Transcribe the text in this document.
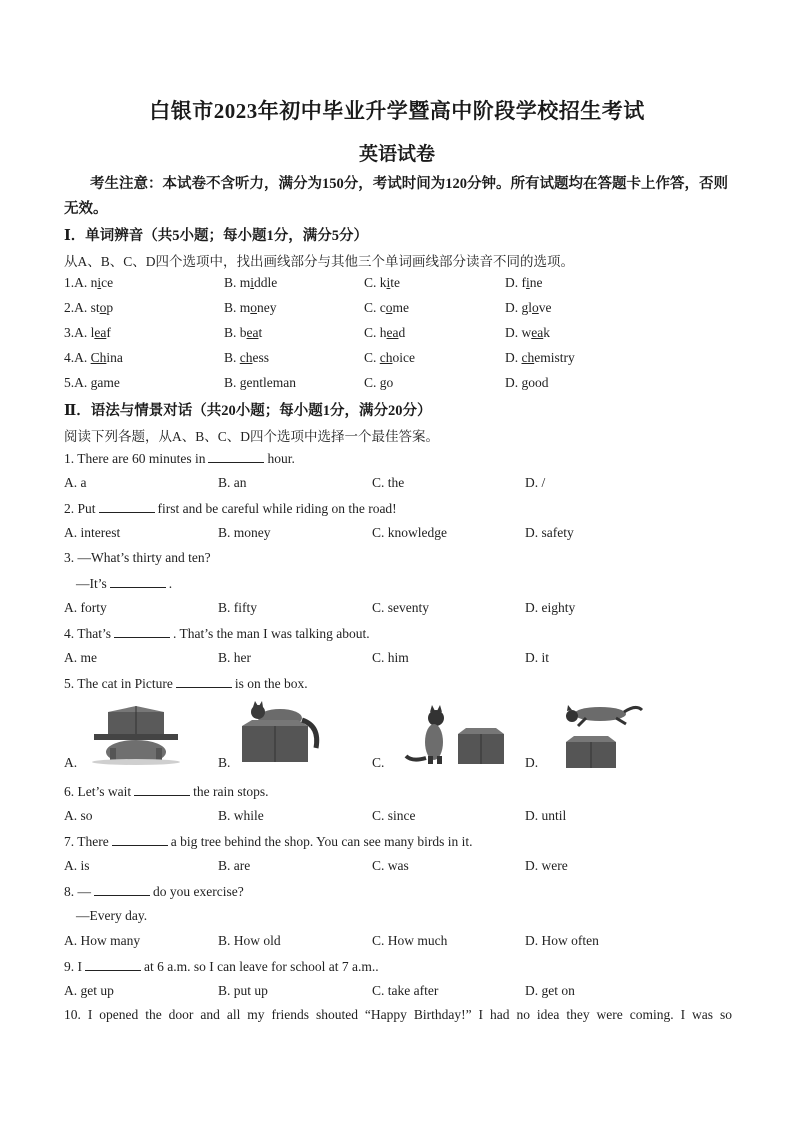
白银市2023年初中毕业升学暨高中阶段学校招生考试
英语试卷
考生注意：本试卷不含听力，满分为150分，考试时间为120分钟。所有试题均在答题卡上作答，否则无效。
Ⅰ．单词辨音（共5小题；每小题1分，满分5分）
从A、B、C、D四个选项中，找出画线部分与其他三个单词画线部分读音不同的选项。
1.A. nice	B. middle	C. kite	D. fine
2.A. stop	B. money	C. come	D. glove
3.A. leaf	B. beat	C. head	D. weak
4.A. China	B. chess	C. choice	D. chemistry
5.A. game	B. gentleman	C. go	D. good
Ⅱ．语法与情景对话（共20小题；每小题1分，满分20分）
阅读下列各题，从A、B、C、D四个选项中选择一个最佳答案。
1. There are 60 minutes in	hour.
A. a	B. an	C. the	D. /
2. Put	first and be careful while riding on the road!
A. interest	B. money	C. knowledge	D. safety
3. —What’s thirty and ten?
—It’s	.
A. forty	B. fifty	C. seventy	D. eighty
4. That’s	. That’s the man I was talking about.
A. me	B. her	C. him	D. it
5. The cat in Picture	is on the box.
A.	B.	C.	D.
6. Let’s wait	the rain stops.
A. so	B. while	C. since	D. until
7. There	a big tree behind the shop. You can see many birds in it.
A. is	B. are	C. was	D. were
8. —	do you exercise?
—Every day.
A. How many	B. How old	C. How much	D. How often
9. I	at 6 a.m. so I can leave for school at 7 a.m..
A. get up	B. put up	C. take after	D. get on
10. I opened the door and all my friends shouted “Happy Birthday!” I had no idea they were coming. I was so
